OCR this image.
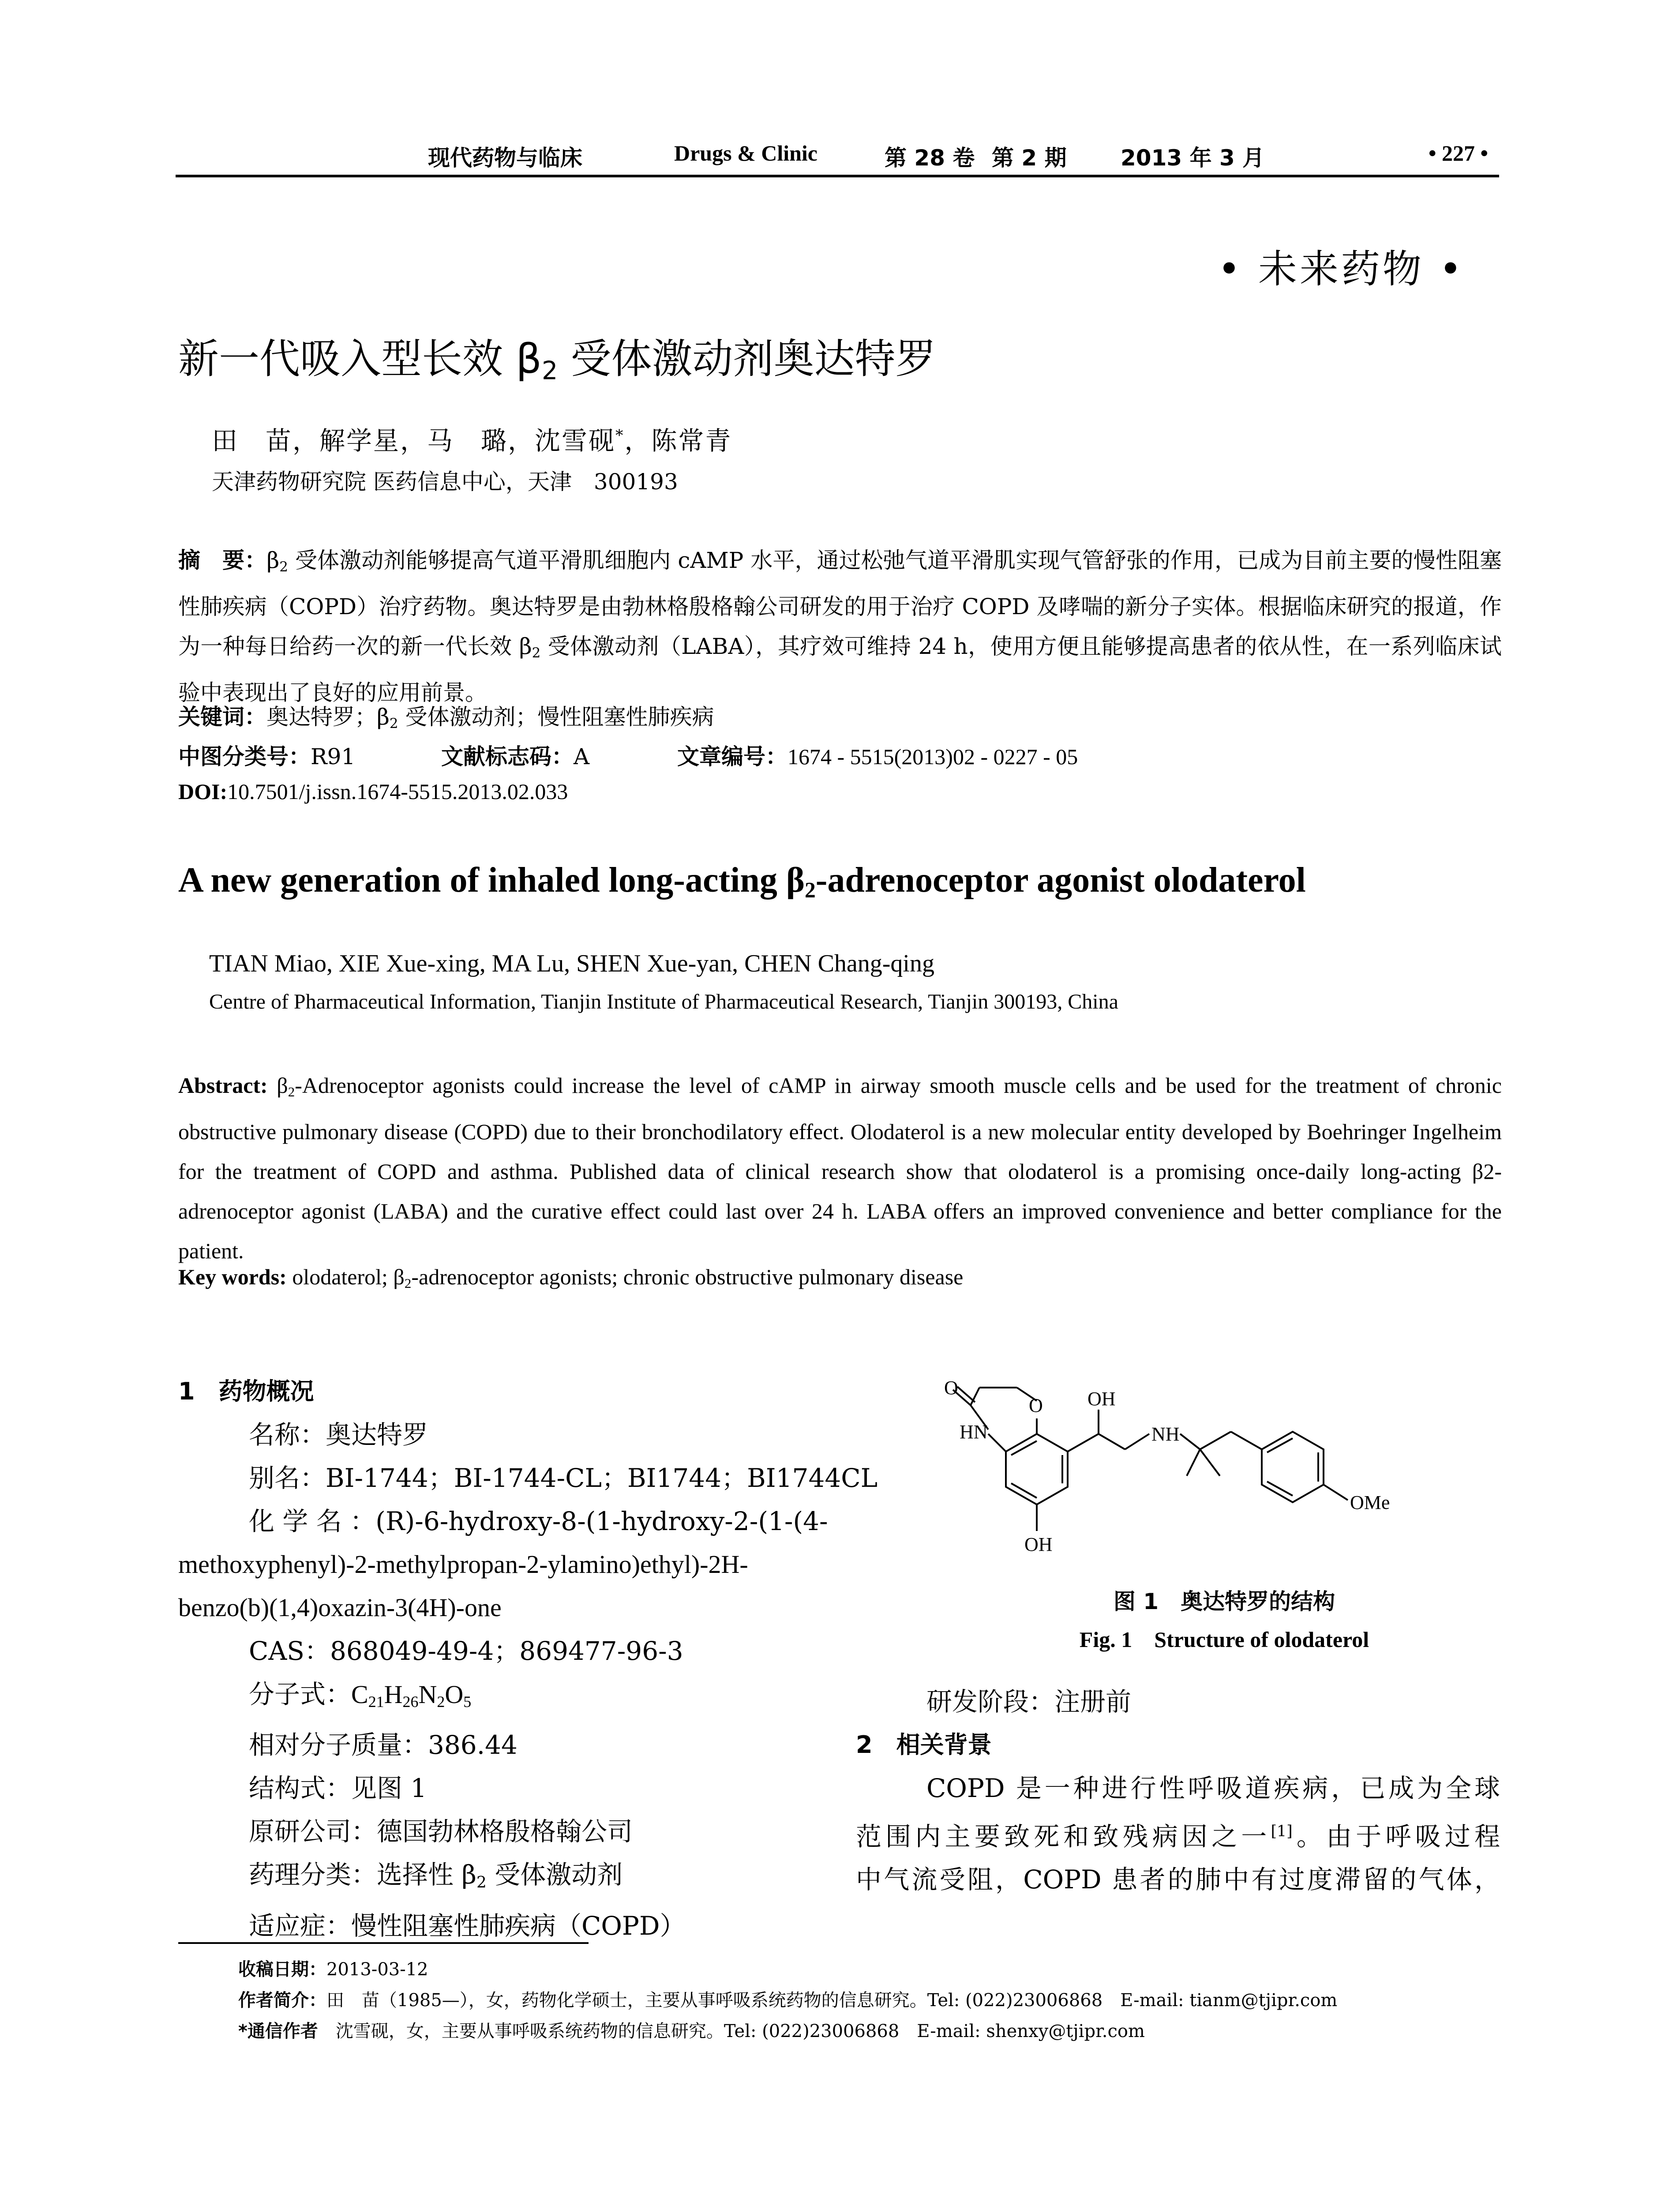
现代药物与临床	Drugs & Clinic	第 28 卷 第 2 期 2013 年 3 月	• 227 •
• 未来药物 •
新一代吸入型长效 $\beta_2$ 受体激动剂奥达特罗
田　苗，解学星，马　璐，沈雪砚*，陈常青
天津药物研究院 医药信息中心，天津　300193
摘　要：$\beta_2$ 受体激动剂能够提高气道平滑肌细胞内 cAMP 水平，通过松弛气道平滑肌实现气管舒张的作用，已成为目前主要的慢性阻塞性肺疾病（COPD）治疗药物。奥达特罗是由勃林格殷格翰公司研发的用于治疗 COPD 及哮喘的新分子实体。根据临床研究的报道，作为一种每日给药一次的新一代长效 $\beta_2$ 受体激动剂（LABA），其疗效可维持 24 h，使用方便且能够提高患者的依从性，在一系列临床试验中表现出了良好的应用前景。
关键词：奥达特罗；$\beta_2$ 受体激动剂；慢性阻塞性肺疾病
中图分类号：R91	文献标志码：A	文章编号：1674 - 5515(2013)02 - 0227 - 05
DOI:10.7501/j.issn.1674-5515.2013.02.033
A new generation of inhaled long-acting $\beta_2$-adrenoceptor agonist olodaterol
TIAN Miao, XIE Xue-xing, MA Lu, SHEN Xue-yan, CHEN Chang-qing
Centre of Pharmaceutical Information, Tianjin Institute of Pharmaceutical Research, Tianjin 300193, China
Abstract: $\beta_2$-Adrenoceptor agonists could increase the level of cAMP in airway smooth muscle cells and be used for the treatment of chronic obstructive pulmonary disease (COPD) due to their bronchodilatory effect. Olodaterol is a new molecular entity developed by Boehringer Ingelheim for the treatment of COPD and asthma. Published data of clinical research show that olodaterol is a promising once-daily long-acting β2-adrenoceptor agonist (LABA) and the curative effect could last over 24 h. LABA offers an improved convenience and better compliance for the patient.
Key words: olodaterol; $\beta_2$-adrenoceptor agonists; chronic obstructive pulmonary disease
1　药物概况
名称：奥达特罗
别名：BI-1744；BI-1744-CL；BI1744；BI1744CL
化 学 名 ：(R)-6-hydroxy-8-(1-hydroxy-2-(1-(4-
methoxyphenyl)-2-methylpropan-2-ylamino)ethyl)-2H-
benzo(b)(1,4)oxazin-3(4H)-one
CAS：868049-49-4；869477-96-3
分子式：$C_{21}H_{26}N_2O_5$
相对分子质量：386.44
结构式：见图 1
原研公司：德国勃林格殷格翰公司
药理分类：选择性 $\beta_2$ 受体激动剂
适应症：慢性阻塞性肺疾病（COPD）
O
O
HN
OH
NH
OH
OMe
图 1　奥达特罗的结构
Fig. 1　Structure of olodaterol
研发阶段：注册前
2　相关背景
COPD 是一种进行性呼吸道疾病，已成为全球
范围内主要致死和致残病因之一[1]。由于呼吸过程
中气流受阻，COPD 患者的肺中有过度滞留的气体，
收稿日期：2013-03-12
作者简介：田　苗（1985—），女，药物化学硕士，主要从事呼吸系统药物的信息研究。Tel: (022)23006868　E-mail: tianm@tjipr.com
*通信作者　沈雪砚，女，主要从事呼吸系统药物的信息研究。Tel: (022)23006868　E-mail: shenxy@tjipr.com
